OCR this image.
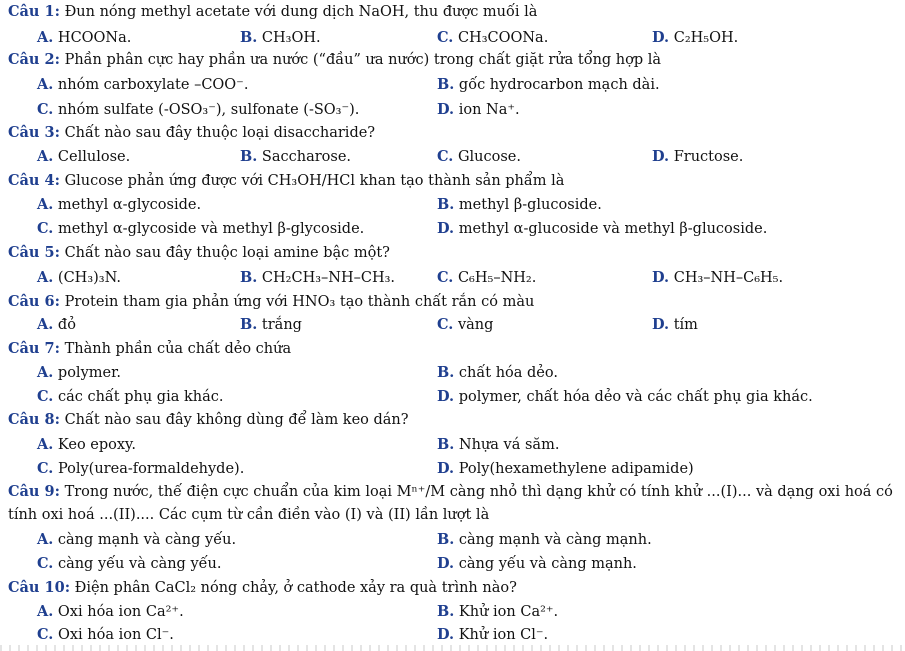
Câu 1: Đun nóng methyl acetate với dung dịch NaOH, thu được muối là
A. HCOONa.	B. CH₃OH.	C. CH₃COONa.	D. C₂H₅OH.
Câu 2: Phần phân cực hay phần ưa nước (“đầu” ưa nước) trong chất giặt rửa tổng hợp là
A. nhóm carboxylate –COO⁻.	B. gốc hydrocarbon mạch dài.
C. nhóm sulfate (-OSO₃⁻), sulfonate (-SO₃⁻).	D. ion Na⁺.
Câu 3: Chất nào sau đây thuộc loại disaccharide?
A. Cellulose.	B. Saccharose.	C. Glucose.	D. Fructose.
Câu 4: Glucose phản ứng được với CH₃OH/HCl khan tạo thành sản phẩm là
A. methyl α-glycoside.	B. methyl β-glucoside.
C. methyl α-glycoside và methyl β-glycoside.	D. methyl α-glucoside và methyl β-glucoside.
Câu 5: Chất nào sau đây thuộc loại amine bậc một?
A. (CH₃)₃N.	B. CH₂CH₃–NH–CH₃.	C. C₆H₅–NH₂.	D. CH₃–NH–C₆H₅.
Câu 6: Protein tham gia phản ứng với HNO₃ tạo thành chất rắn có màu
A. đỏ	B. trắng	C. vàng	D. tím
Câu 7: Thành phần của chất dẻo chứa
A. polymer.	B. chất hóa dẻo.
C. các chất phụ gia khác.	D. polymer, chất hóa dẻo và các chất phụ gia khác.
Câu 8: Chất nào sau đây không dùng để làm keo dán?
A. Keo epoxy.	B. Nhựa vá săm.
C. Poly(urea-formaldehyde).	D. Poly(hexamethylene adipamide)
Câu 9: Trong nước, thế điện cực chuẩn của kim loại Mⁿ⁺/M càng nhỏ thì dạng khử có tính khử ...(I)... và dạng oxi hoá có tính oxi hoá ...(II).... Các cụm từ cần điền vào (I) và (II) lần lượt là
A. càng mạnh và càng yếu.	B. càng mạnh và càng mạnh.
C. càng yếu và càng yếu.	D. càng yếu và càng mạnh.
Câu 10: Điện phân CaCl₂ nóng chảy, ở cathode xảy ra quà trình nào?
A. Oxi hóa ion Ca²⁺.	B. Khử ion Ca²⁺.
C. Oxi hóa ion Cl⁻.	D. Khử ion Cl⁻.
